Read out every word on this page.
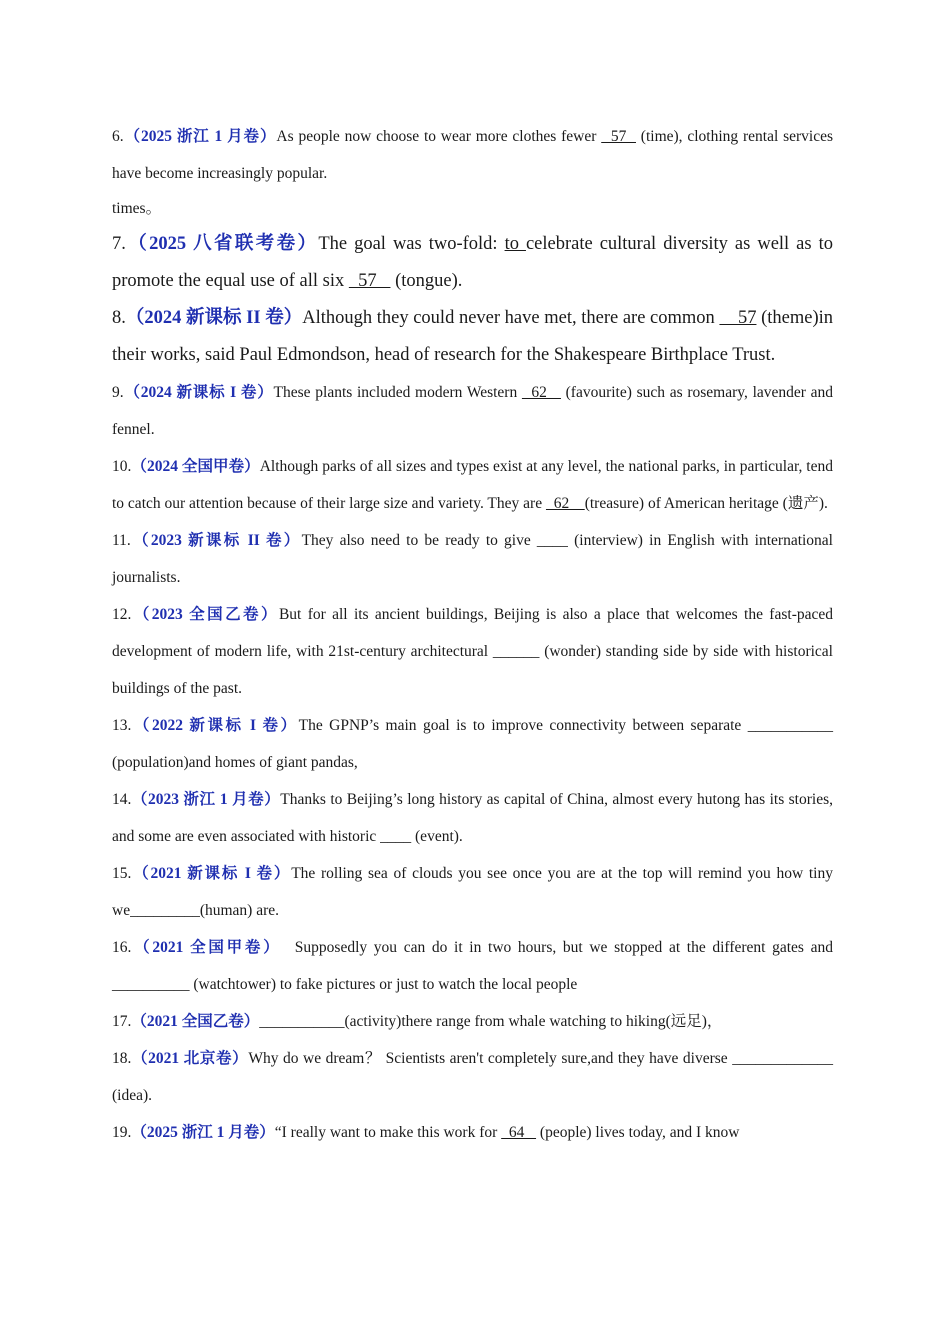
6.（2025 浙江 1 月卷）As people now choose to wear more clothes fewer   57   (time), clothing rental services have become increasingly popular.

times。

7.（2025 八省联考卷）The goal was two-fold: to celebrate cultural diversity as well as to promote the equal use of all six   57    (tongue).

8.（2024 新课标 II 卷）Although they could never have met, there are common     57 (theme)in their works, said Paul Edmondson, head of research for the Shakespeare Birthplace Trust.

9.（2024 新课标 I 卷）These plants included modern Western   62    (favourite) such as rosemary, lavender and fennel.

10.（2024 全国甲卷）Although parks of all sizes and types exist at any level, the national parks, in particular, tend to catch our attention because of their large size and variety. They are   62    (treasure) of American heritage (遗产).

11.（2023 新课标 II 卷）They also need to be ready to give ____ (interview) in English with international journalists.

12.（2023 全国乙卷）But for all its ancient buildings, Beijing is also a place that welcomes the fast-paced development of modern life, with 21st-century architectural ______ (wonder) standing side by side with historical buildings of the past.

13.（2022 新课标 I 卷）The GPNP’s main goal is to improve connectivity between separate ___________ (population)and homes of giant pandas,

14.（2023 浙江 1 月卷）Thanks to Beijing’s long history as capital of China, almost every hutong has its stories, and some are even associated with historic ____ (event).

15.（2021 新课标 I 卷）The rolling sea of clouds you see once you are at the top will remind you how tiny we_________(human) are.

16.（2021 全国甲卷）  Supposedly you can do it in two hours, but we stopped at the different gates and __________ (watchtower) to fake pictures or just to watch the local people

17.（2021 全国乙卷）___________(activity)there range from whale watching to hiking(远足)，

18.（2021 北京卷）Why do we dream？ Scientists aren't completely sure,and they have diverse _____________ (idea).

19.（2025 浙江 1 月卷）“I really want to make this work for   64    (people) lives today, and I know
